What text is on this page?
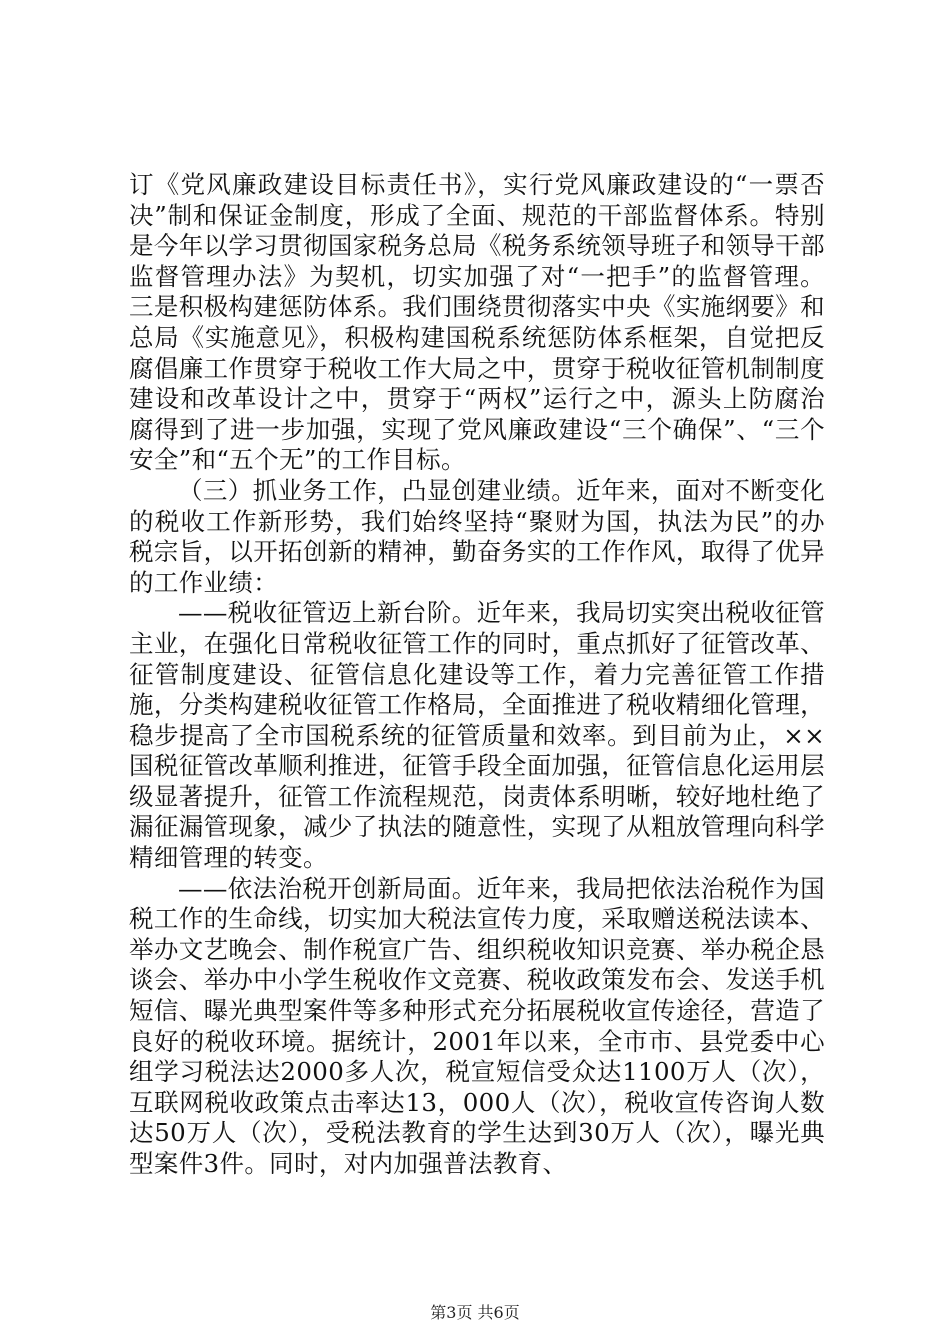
订《党风廉政建设目标责任书》，实行党风廉政建设的“一票否决”制和保证金制度，形成了全面、规范的干部监督体系。特别是今年以学习贯彻国家税务总局《税务系统领导班子和领导干部监督管理办法》为契机，切实加强了对“一把手”的监督管理。三是积极构建惩防体系。我们围绕贯彻落实中央《实施纲要》和总局《实施意见》，积极构建国税系统惩防体系框架，自觉把反腐倡廉工作贯穿于税收工作大局之中，贯穿于税收征管机制制度建设和改革设计之中，贯穿于“两权”运行之中，源头上防腐治腐得到了进一步加强，实现了党风廉政建设“三个确保”、“三个安全”和“五个无”的工作目标。

（三）抓业务工作，凸显创建业绩。近年来，面对不断变化的税收工作新形势，我们始终坚持“聚财为国，执法为民”的办税宗旨，以开拓创新的精神，勤奋务实的工作作风，取得了优异的工作业绩：

——税收征管迈上新台阶。近年来，我局切实突出税收征管主业，在强化日常税收征管工作的同时，重点抓好了征管改革、征管制度建设、征管信息化建设等工作，着力完善征管工作措施，分类构建税收征管工作格局，全面推进了税收精细化管理，稳步提高了全市国税系统的征管质量和效率。到目前为止，××国税征管改革顺利推进，征管手段全面加强，征管信息化运用层级显著提升，征管工作流程规范，岗责体系明晰，较好地杜绝了漏征漏管现象，减少了执法的随意性，实现了从粗放管理向科学精细管理的转变。

——依法治税开创新局面。近年来，我局把依法治税作为国税工作的生命线，切实加大税法宣传力度，采取赠送税法读本、举办文艺晚会、制作税宣广告、组织税收知识竞赛、举办税企恳谈会、举办中小学生税收作文竞赛、税收政策发布会、发送手机短信、曝光典型案件等多种形式充分拓展税收宣传途径，营造了良好的税收环境。据统计，2001年以来，全市市、县党委中心组学习税法达2000多人次，税宣短信受众达1100万人（次），互联网税收政策点击率达13，000人（次），税收宣传咨询人数达50万人（次），受税法教育的学生达到30万人（次），曝光典型案件3件。同时，对内加强普法教育、

第3页 共6页
